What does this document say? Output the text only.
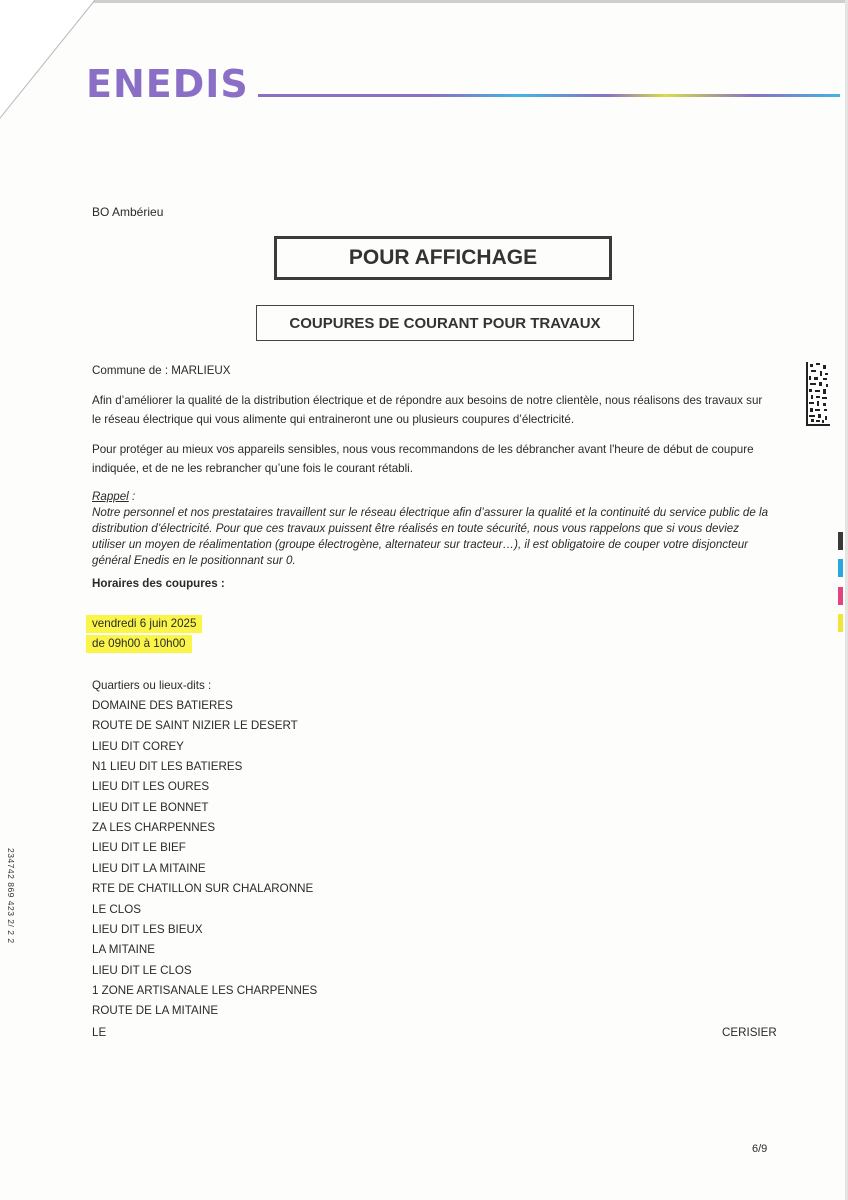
ENEDIS
BO Ambérieu
POUR AFFICHAGE
COUPURES DE COURANT POUR TRAVAUX
Commune de : MARLIEUX
Afin d’améliorer la qualité de la distribution électrique et de répondre aux besoins de notre clientèle, nous réalisons des travaux sur le réseau électrique qui vous alimente qui entraineront une ou plusieurs coupures d’électricité.
Pour protéger au mieux vos appareils sensibles, nous vous recommandons de les débrancher avant l'heure de début de coupure indiquée, et de ne les rebrancher qu’une fois le courant rétabli.
Rappel :
Notre personnel et nos prestataires travaillent sur le réseau électrique afin d’assurer la qualité et la continuité du service public de la distribution d’électricité. Pour que ces travaux puissent être réalisés en toute sécurité, nous vous rappelons que si vous deviez utiliser un moyen de réalimentation (groupe électrogène, alternateur sur tracteur…), il est obligatoire de couper votre disjoncteur général Enedis en le positionnant sur 0.
Horaires des coupures :
vendredi 6 juin 2025
de 09h00 à 10h00
Quartiers ou lieux-dits :
DOMAINE DES BATIERES
ROUTE DE SAINT NIZIER LE DESERT
LIEU DIT COREY
N1 LIEU DIT LES BATIERES
LIEU DIT LES OURES
LIEU DIT LE BONNET
ZA LES CHARPENNES
LIEU DIT LE BIEF
LIEU DIT LA MITAINE
RTE DE CHATILLON SUR CHALARONNE
LE CLOS
LIEU DIT LES BIEUX
LA MITAINE
LIEU DIT LE CLOS
1 ZONE ARTISANALE LES CHARPENNES
ROUTE DE LA MITAINE
LE	CERISIER
6/9
234742 869 423 2/ 2 2
